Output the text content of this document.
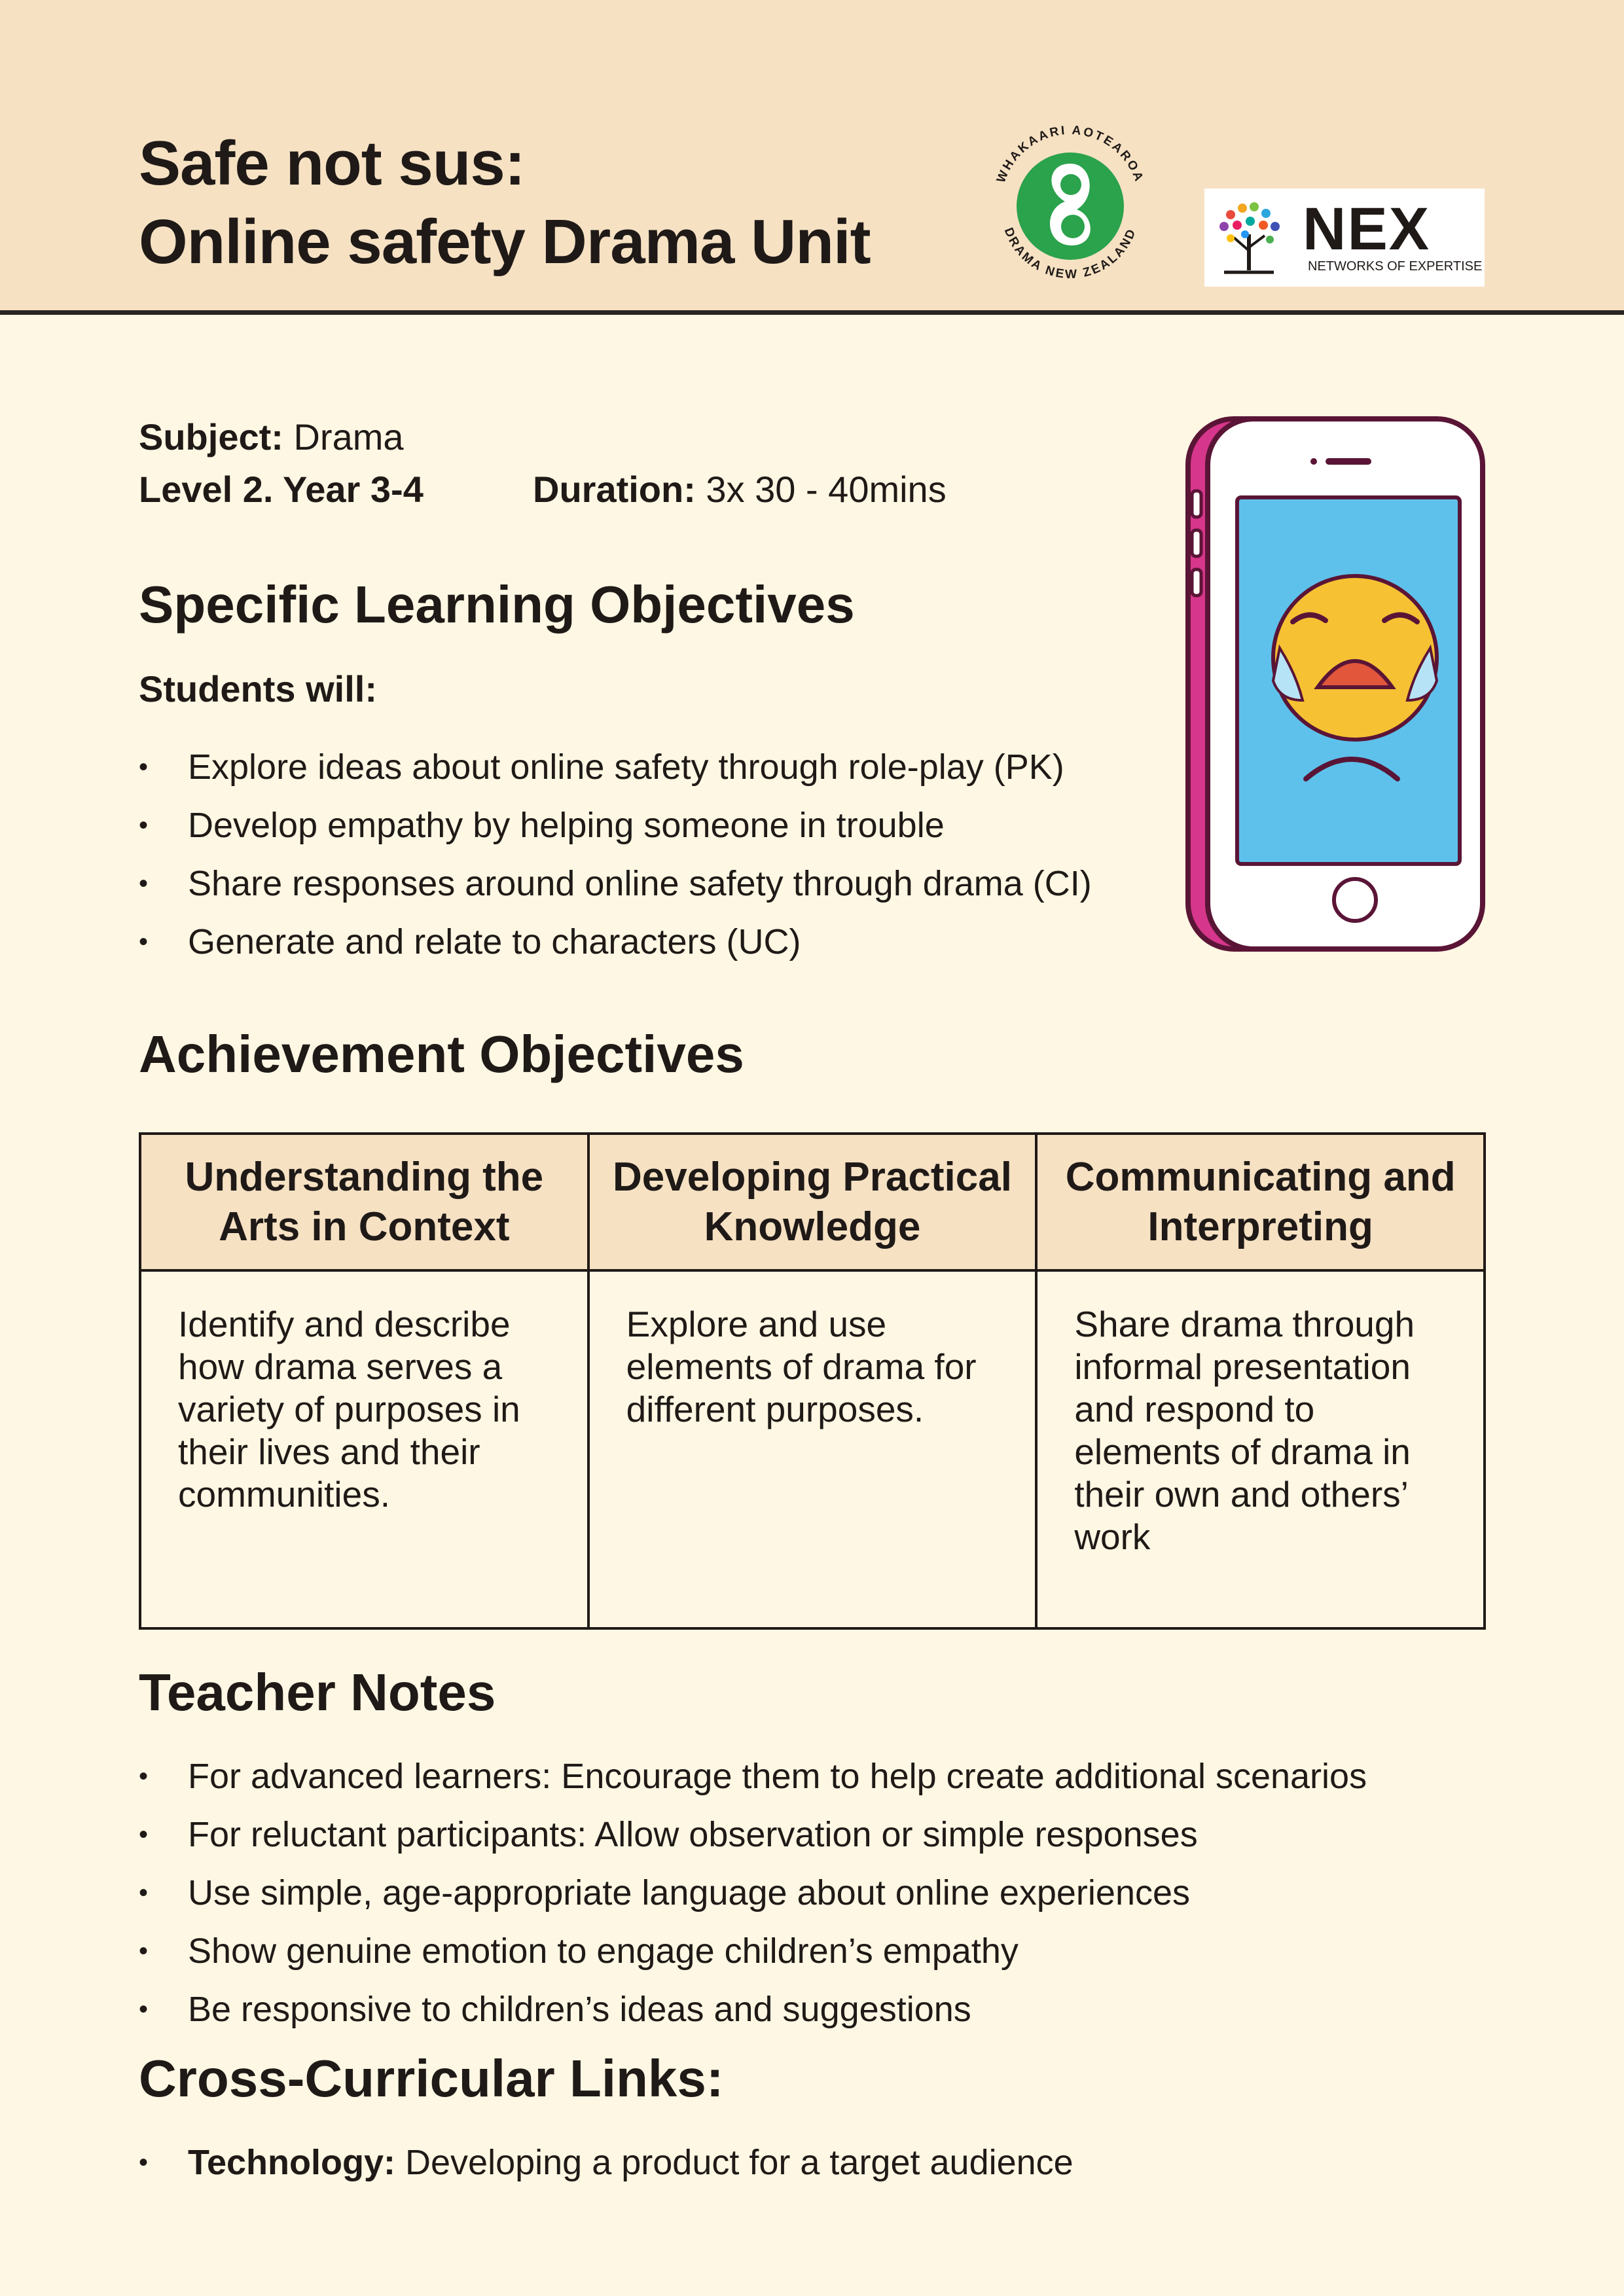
Safe not sus:
Online safety Drama Unit
WHAKAARI AOTEAROA
DRAMA NEW ZEALAND	NEX
NETWORKS OF EXPERTISE
Subject: Drama
Level 2. Year 3-4	Duration: 3x 30 - 40mins
Specific Learning Objectives
Students will:
• Explore ideas about online safety through role-play (PK)
• Develop empathy by helping someone in trouble
• Share responses around online safety through drama (CI)
• Generate and relate to characters (UC)
Achievement Objectives
Understanding the Arts in Context	Developing Practical Knowledge	Communicating and Interpreting
Identify and describe how drama serves a variety of purposes in their lives and their communities.	Explore and use elements of drama for different purposes.	Share drama through informal presentation and respond to elements of drama in their own and others’ work
Teacher Notes
• For advanced learners: Encourage them to help create additional scenarios
• For reluctant participants: Allow observation or simple responses
• Use simple, age-appropriate language about online experiences
• Show genuine emotion to engage children’s empathy
• Be responsive to children’s ideas and suggestions
Cross-Curricular Links:
• Technology: Developing a product for a target audience
